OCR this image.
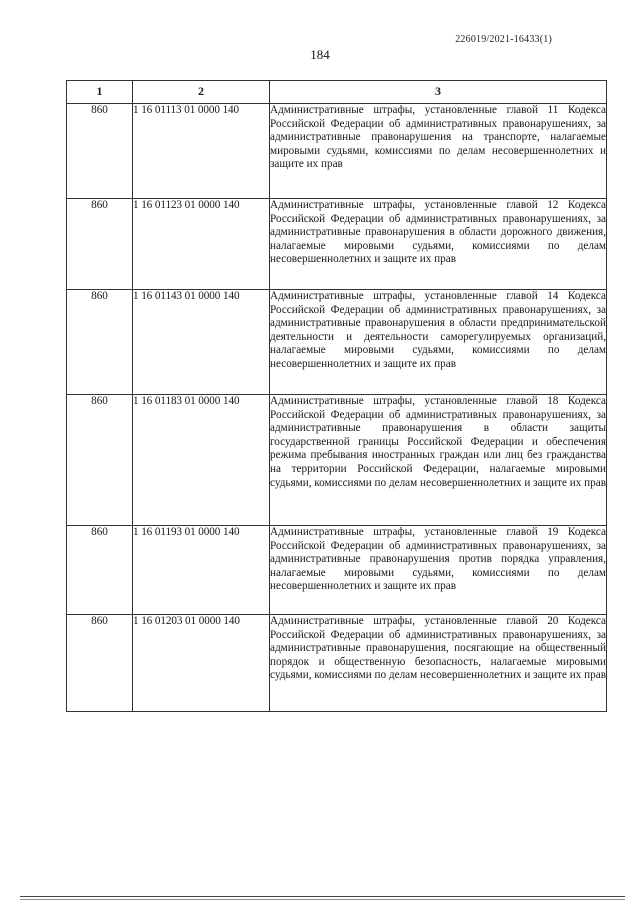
226019/2021-16433(1)
184
1	2	3
860	1 16 01113 01 0000 140	Административные штрафы, установленные главой 11 Кодекса Российской Федерации об административных правонарушениях, за административные правонарушения на транспорте, налагаемые мировыми судьями, комиссиями по делам несовершеннолетних и защите их прав
860	1 16 01123 01 0000 140	Административные штрафы, установленные главой 12 Кодекса Российской Федерации об административных правонарушениях, за административные правонарушения в области дорожного движения, налагаемые мировыми судьями, комиссиями по делам несовершеннолетних и защите их прав
860	1 16 01143 01 0000 140	Административные штрафы, установленные главой 14 Кодекса Российской Федерации об административных правонарушениях, за административные правонарушения в области предпринимательской деятельности и деятельности саморегулируемых организаций, налагаемые мировыми судьями, комиссиями по делам несовершеннолетних и защите их прав
860	1 16 01183 01 0000 140	Административные штрафы, установленные главой 18 Кодекса Российской Федерации об административных правонарушениях, за административные правонарушения в области защиты государственной границы Российской Федерации и обеспечения режима пребывания иностранных граждан или лиц без гражданства на территории Российской Федерации, налагаемые мировыми судьями, комиссиями по делам несовершеннолетних и защите их прав
860	1 16 01193 01 0000 140	Административные штрафы, установленные главой 19 Кодекса Российской Федерации об административных правонарушениях, за административные правонарушения против порядка управления, налагаемые мировыми судьями, комиссиями по делам несовершеннолетних и защите их прав
860	1 16 01203 01 0000 140	Административные штрафы, установленные главой 20 Кодекса Российской Федерации об административных правонарушениях, за административные правонарушения, посягающие на общественный порядок и общественную безопасность, налагаемые мировыми судьями, комиссиями по делам несовершеннолетних и защите их прав
